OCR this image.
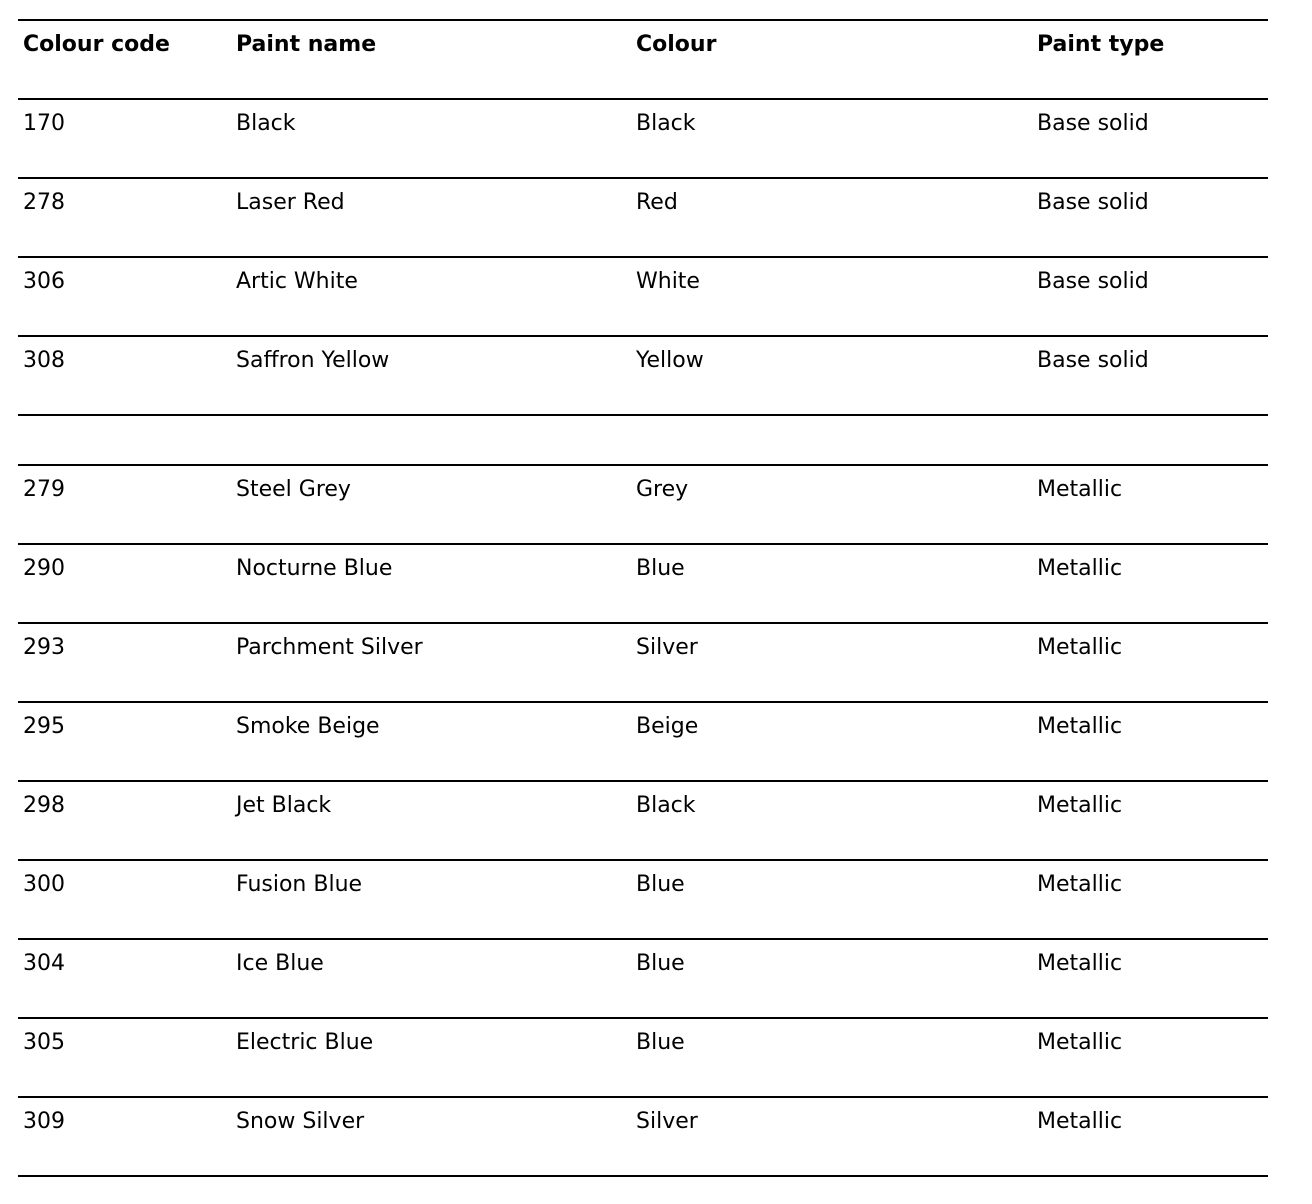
Colour code	Paint name	Colour	Paint type
170	Black	Black	Base solid
278	Laser Red	Red	Base solid
306	Artic White	White	Base solid
308	Saffron Yellow	Yellow	Base solid
279	Steel Grey	Grey	Metallic
290	Nocturne Blue	Blue	Metallic
293	Parchment Silver	Silver	Metallic
295	Smoke Beige	Beige	Metallic
298	Jet Black	Black	Metallic
300	Fusion Blue	Blue	Metallic
304	Ice Blue	Blue	Metallic
305	Electric Blue	Blue	Metallic
309	Snow Silver	Silver	Metallic
